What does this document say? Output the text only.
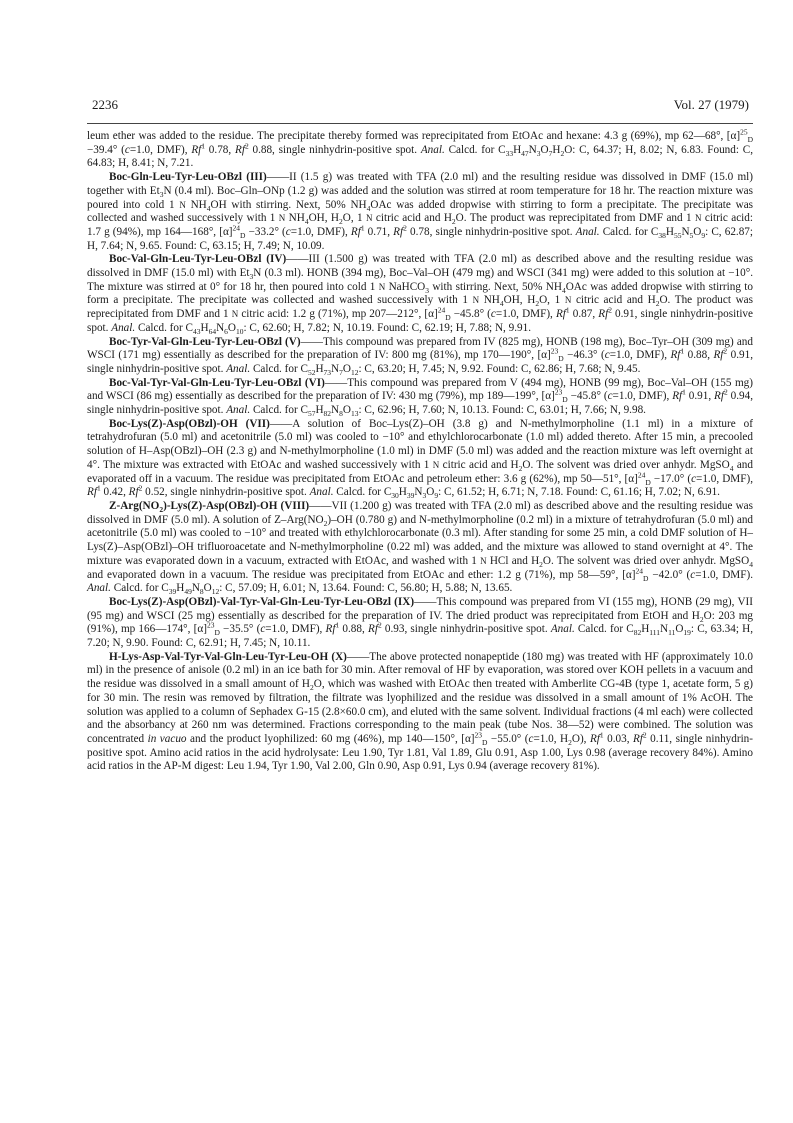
2236	Vol. 27 (1979)

leum ether was added to the residue. The precipitate thereby formed was reprecipitated from EtOAc and hexane: 4.3 g (69%), mp 62—68°, $[\alpha]^{25}_D -39.4^\circ$ (c=1.0, DMF), Rf$^1$ 0.78, Rf$^2$ 0.88, single ninhydrin-positive spot. Anal. Calcd. for $C_{33}H_{47}N_3O_7H_2O$: C, 64.37; H, 8.02; N, 6.83. Found: C, 64.83; H, 8.41; N, 7.21.

Boc-Gln-Leu-Tyr-Leu-OBzl (III)——II (1.5 g) was treated with TFA (2.0 ml) and the resulting residue was dissolved in DMF (15.0 ml) together with $Et_3N$ (0.4 ml). Boc–Gln–ONp (1.2 g) was added and the solution was stirred at room temperature for 18 hr. The reaction mixture was poured into cold 1 N $NH_4OH$ with stirring. Next, 50% $NH_4OAc$ was added dropwise with stirring to form a precipitate. The precipitate was collected and washed successively with 1 N $NH_4OH$, $H_2O$, 1 N citric acid and $H_2O$. The product was reprecipitated from DMF and 1 N citric acid: 1.7 g (94%), mp 164—168°, $[\alpha]^{24}_D -33.2^\circ$ (c=1.0, DMF), Rf$^1$ 0.71, Rf$^2$ 0.78, single ninhydrin-positive spot. Anal. Calcd. for $C_{38}H_{55}N_5O_9$: C, 62.87; H, 7.64; N, 9.65. Found: C, 63.15; H, 7.49; N, 10.09.

Boc-Val-Gln-Leu-Tyr-Leu-OBzl (IV)——III (1.500 g) was treated with TFA (2.0 ml) as described above and the resulting residue was dissolved in DMF (15.0 ml) with $Et_3N$ (0.3 ml). HONB (394 mg), Boc–Val–OH (479 mg) and WSCI (341 mg) were added to this solution at −10°. The mixture was stirred at 0° for 18 hr, then poured into cold 1 N NaHCO$_3$ with stirring. Next, 50% $NH_4OAc$ was added dropwise with stirring to form a precipitate. The precipitate was collected and washed successively with 1 N $NH_4OH$, $H_2O$, 1 N citric acid and $H_2O$. The product was reprecipitated from DMF and 1 N citric acid: 1.2 g (71%), mp 207—212°, $[\alpha]^{24}_D -45.8^\circ$ (c=1.0, DMF), Rf$^1$ 0.87, Rf$^2$ 0.91, single ninhydrin-positive spot. Anal. Calcd. for $C_{43}H_{64}N_6O_{10}$: C, 62.60; H, 7.82; N, 10.19. Found: C, 62.19; H, 7.88; N, 9.91.

Boc-Tyr-Val-Gln-Leu-Tyr-Leu-OBzl (V)——This compound was prepared from IV (825 mg), HONB (198 mg), Boc–Tyr–OH (309 mg) and WSCI (171 mg) essentially as described for the preparation of IV: 800 mg (81%), mp 170—190°, $[\alpha]^{23}_D -46.3^\circ$ (c=1.0, DMF), Rf$^1$ 0.88, Rf$^2$ 0.91, single ninhydrin-positive spot. Anal. Calcd. for $C_{52}H_{73}N_7O_{12}$: C, 63.20; H, 7.45; N, 9.92. Found: C, 62.86; H, 7.68; N, 9.45.

Boc-Val-Tyr-Val-Gln-Leu-Tyr-Leu-OBzl (VI)——This compound was prepared from V (494 mg), HONB (99 mg), Boc–Val–OH (155 mg) and WSCI (86 mg) essentially as described for the preparation of IV: 430 mg (79%), mp 189—199°, $[\alpha]^{23}_D -45.8^\circ$ (c=1.0, DMF), Rf$^1$ 0.91, Rf$^2$ 0.94, single ninhydrin-positive spot. Anal. Calcd. for $C_{57}H_{82}N_8O_{13}$: C, 62.96; H, 7.60; N, 10.13. Found: C, 63.01; H, 7.66; N, 9.98.

Boc-Lys(Z)-Asp(OBzl)-OH (VII)——A solution of Boc–Lys(Z)–OH (3.8 g) and N-methylmorpholine (1.1 ml) in a mixture of tetrahydrofuran (5.0 ml) and acetonitrile (5.0 ml) was cooled to −10° and ethylchlorocarbonate (1.0 ml) added thereto. After 15 min, a precooled solution of H–Asp(OBzl)–OH (2.3 g) and N-methylmorpholine (1.0 ml) in DMF (5.0 ml) was added and the reaction mixture was left overnight at 4°. The mixture was extracted with EtOAc and washed successively with 1 N citric acid and $H_2O$. The solvent was dried over anhydr. MgSO$_4$ and evaporated off in a vacuum. The residue was precipitated from EtOAc and petroleum ether: 3.6 g (62%), mp 50—51°, $[\alpha]^{24}_D -17.0^\circ$ (c=1.0, DMF), Rf$^1$ 0.42, Rf$^2$ 0.52, single ninhydrin-positive spot. Anal. Calcd. for $C_{30}H_{39}N_3O_9$: C, 61.52; H, 6.71; N, 7.18. Found: C, 61.16; H, 7.02; N, 6.91.

$Z-Arg(NO_2)-Lys(Z)-Asp(OBzl)-OH$ (VIII)——VII (1.200 g) was treated with TFA (2.0 ml) as described above and the resulting residue was dissolved in DMF (5.0 ml). A solution of $Z-Arg(NO_2)-OH$ (0.780 g) and N-methylmorpholine (0.2 ml) in a mixture of tetrahydrofuran (5.0 ml) and acetonitrile (5.0 ml) was cooled to −10° and treated with ethylchlorocarbonate (0.3 ml). After standing for some 25 min, a cold DMF solution of H–Lys(Z)–Asp(OBzl)–OH trifluoroacetate and N-methylmorpholine (0.22 ml) was added, and the mixture was allowed to stand overnight at 4°. The mixture was evaporated down in a vacuum, extracted with EtOAc, and washed with 1 N HCl and $H_2O$. The solvent was dried over anhydr. MgSO$_4$ and evaporated down in a vacuum. The residue was precipitated from EtOAc and ether: 1.2 g (71%), mp 58—59°, $[\alpha]^{24}_D -42.0^\circ$ (c=1.0, DMF). Anal. Calcd. for $C_{39}H_{49}N_8O_{12}$: C, 57.09; H, 6.01; N, 13.64. Found: C, 56.80; H, 5.88; N, 13.65.

Boc-Lys(Z)-Asp(OBzl)-Val-Tyr-Val-Gln-Leu-Tyr-Leu-OBzl (IX)——This compound was prepared from VI (155 mg), HONB (29 mg), VII (95 mg) and WSCI (25 mg) essentially as described for the preparation of IV. The dried product was reprecipitated from EtOH and $H_2O$: 203 mg (91%), mp 166—174°, $[\alpha]^{23}_D -35.5^\circ$ (c=1.0, DMF), Rf$^1$ 0.88, Rf$^2$ 0.93, single ninhydrin-positive spot. Anal. Calcd. for $C_{82}H_{111}N_{11}O_{19}$: C, 63.34; H, 7.20; N, 9.90. Found: C, 62.91; H, 7.45; N, 10.11.

H-Lys-Asp-Val-Tyr-Val-Gln-Leu-Tyr-Leu-OH (X)——The above protected nonapeptide (180 mg) was treated with HF (approximately 10.0 ml) in the presence of anisole (0.2 ml) in an ice bath for 30 min. After removal of HF by evaporation, was stored over KOH pellets in a vacuum and the residue was dissolved in a small amount of $H_2O$, which was washed with EtOAc then treated with Amberlite CG-4B (type 1, acetate form, 5 g) for 30 min. The resin was removed by filtration, the filtrate was lyophilized and the residue was dissolved in a small amount of 1% AcOH. The solution was applied to a column of Sephadex G-15 (2.8×60.0 cm), and eluted with the same solvent. Individual fractions (4 ml each) were collected and the absorbancy at 260 nm was determined. Fractions corresponding to the main peak (tube Nos. 38—52) were combined. The solution was concentrated in vacuo and the product lyophilized: 60 mg (46%), mp 140—150°, $[\alpha]^{23}_D -55.0^\circ$ (c=1.0, $H_2O$), Rf$^1$ 0.03, Rf$^2$ 0.11, single ninhydrin-positive spot. Amino acid ratios in the acid hydrolysate: Leu 1.90, Tyr 1.81, Val 1.89, Glu 0.91, Asp 1.00, Lys 0.98 (average recovery 84%). Amino acid ratios in the AP-M digest: Leu 1.94, Tyr 1.90, Val 2.00, Gln 0.90, Asp 0.91, Lys 0.94 (average recovery 81%).
